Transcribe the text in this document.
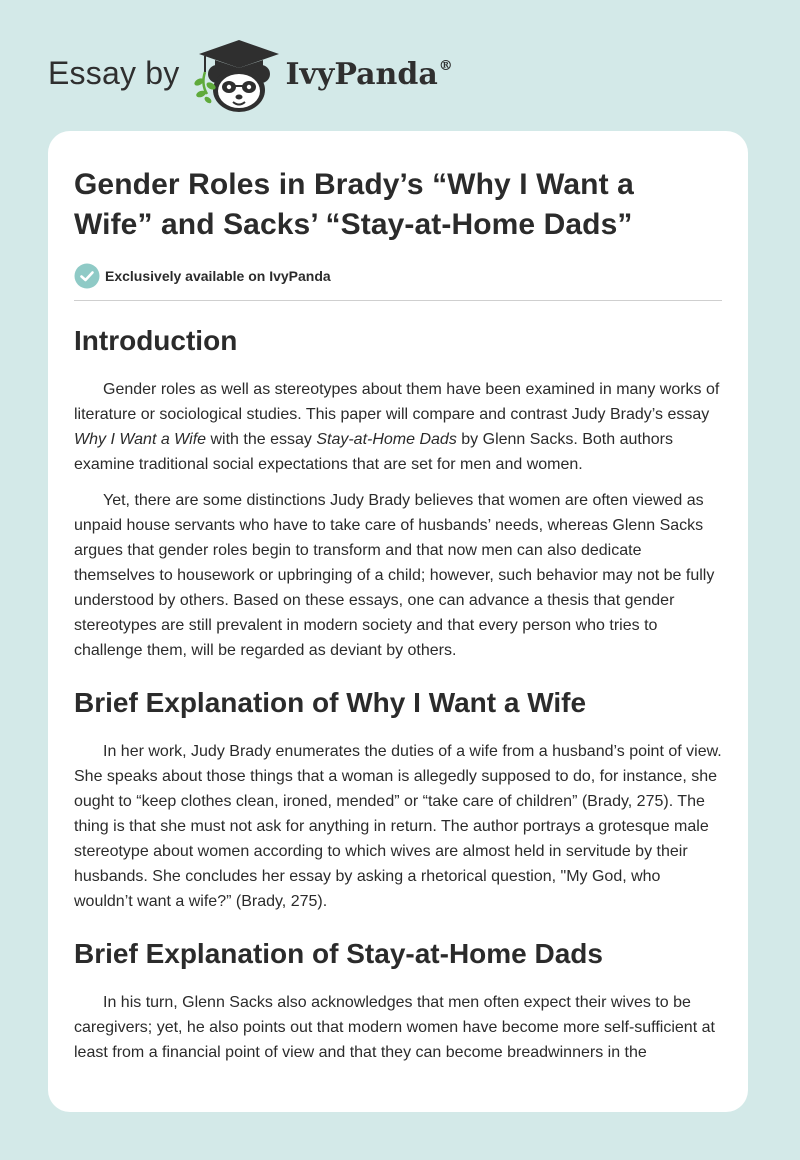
Essay by	IvyPanda®
Gender Roles in Brady’s “Why I Want a
Wife” and Sacks’ “Stay-at-Home Dads”
Exclusively available on IvyPanda
Introduction

Gender roles as well as stereotypes about them have been examined in many works of literature or sociological studies. This paper will compare and contrast Judy Brady’s essay Why I Want a Wife with the essay Stay-at-Home Dads by Glenn Sacks. Both authors examine traditional social expectations that are set for men and women.

Yet, there are some distinctions Judy Brady believes that women are often viewed as unpaid house servants who have to take care of husbands’ needs, whereas Glenn Sacks argues that gender roles begin to transform and that now men can also dedicate themselves to housework or upbringing of a child; however, such behavior may not be fully understood by others. Based on these essays, one can advance a thesis that gender stereotypes are still prevalent in modern society and that every person who tries to challenge them, will be regarded as deviant by others.

Brief Explanation of Why I Want a Wife

In her work, Judy Brady enumerates the duties of a wife from a husband’s point of view. She speaks about those things that a woman is allegedly supposed to do, for instance, she ought to “keep clothes clean, ironed, mended” or “take care of children” (Brady, 275). The thing is that she must not ask for anything in return. The author portrays a grotesque male stereotype about women according to which wives are almost held in servitude by their husbands. She concludes her essay by asking a rhetorical question, "My God, who wouldn’t want a wife?” (Brady, 275).

Brief Explanation of Stay-at-Home Dads

In his turn, Glenn Sacks also acknowledges that men often expect their wives to be caregivers; yet, he also points out that modern women have become more self-sufficient at least from a financial point of view and that they can become breadwinners in the
